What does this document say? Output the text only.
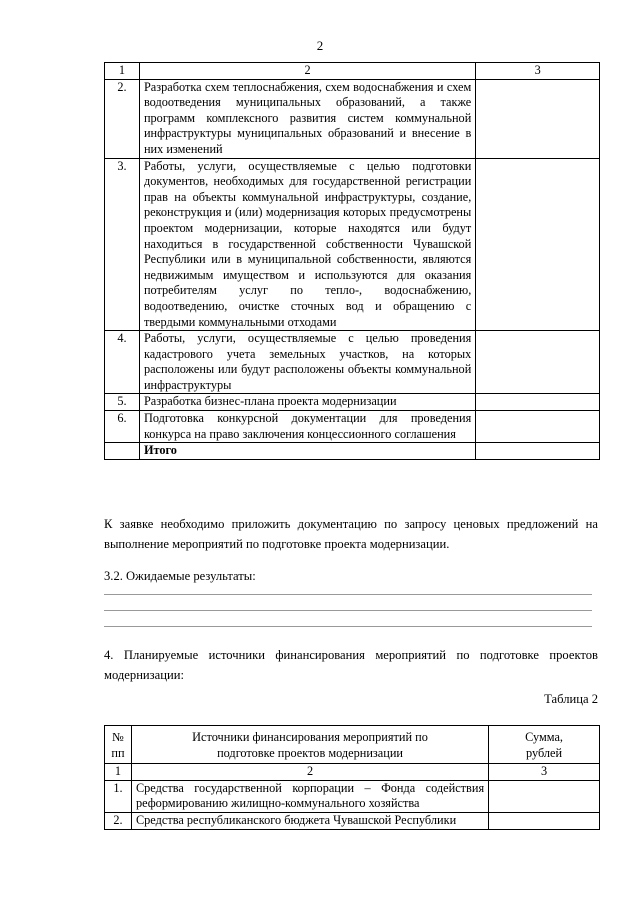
2
1	2	3
2.	Разработка схем теплоснабжения, схем водоснабжения и схем водоотведения муниципальных образований, а также программ комплексного развития систем коммунальной инфраструктуры муниципальных образований и внесение в них изменений	
3.	Работы, услуги, осуществляемые с целью подготовки документов, необходимых для государственной регистрации прав на объекты коммунальной инфраструктуры, создание, реконструкция и (или) модернизация которых предусмотрены проектом модернизации, которые находятся или будут находиться в государственной собственности Чувашской Республики или в муниципальной собственности, являются недвижимым имуществом и используются для оказания потребителям услуг по тепло-, водоснабжению, водоотведению, очистке сточных вод и обращению с твердыми коммунальными отходами	
4.	Работы, услуги, осуществляемые с целью проведения кадастрового учета земельных участков, на которых расположены или будут расположены объекты коммунальной инфраструктуры	
5.	Разработка бизнес-плана проекта модернизации	
6.	Подготовка конкурсной документации для проведения конкурса на право заключения концессионного соглашения	
	Итого	
К заявке необходимо приложить документацию по запросу ценовых предложений на выполнение мероприятий по подготовке проекта модернизации.
3.2. Ожидаемые результаты:
4. Планируемые источники финансирования мероприятий по подготовке проектов модернизации:
Таблица 2
№ пп	Источники финансирования мероприятий по подготовке проектов модернизации	Сумма, рублей
1	2	3
1.	Средства государственной корпорации – Фонда содействия реформированию жилищно-коммунального хозяйства	
2.	Средства республиканского бюджета Чувашской Республики	
